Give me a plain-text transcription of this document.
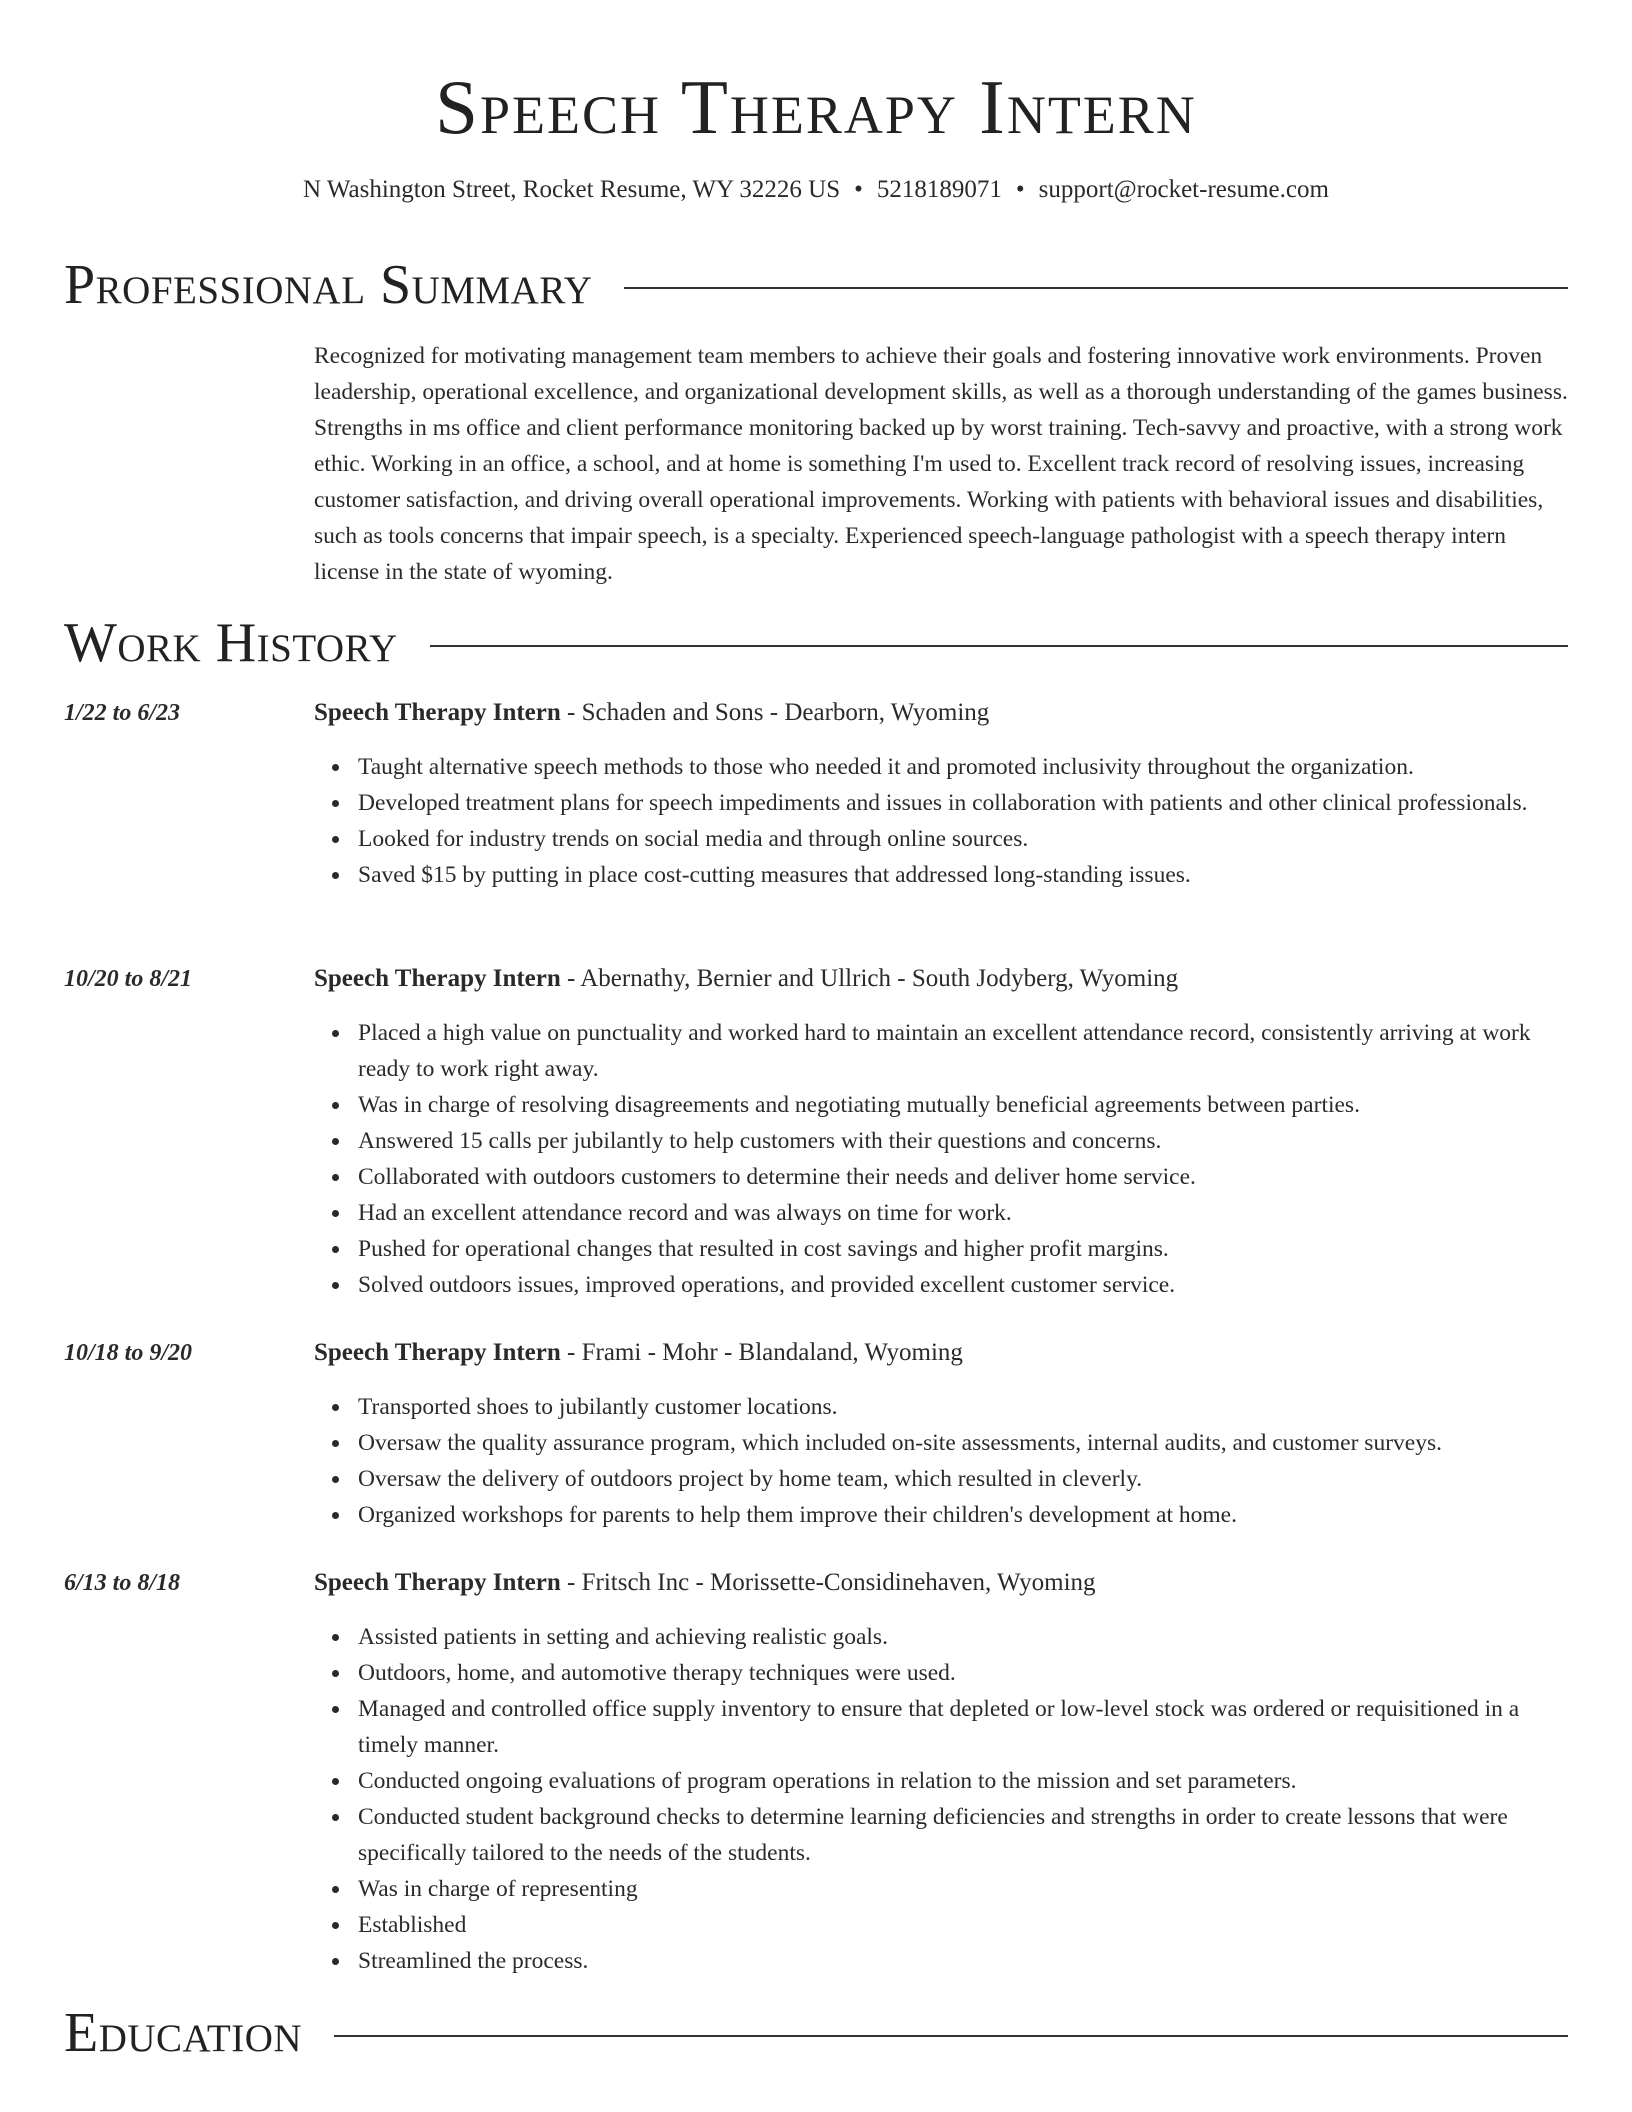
Speech Therapy Intern
N Washington Street, Rocket Resume, WY 32226 US • 5218189071 • support@rocket-resume.com
Professional Summary

Recognized for motivating management team members to achieve their goals and fostering innovative work environments. Proven leadership, operational excellence, and organizational development skills, as well as a thorough understanding of the games business. Strengths in ms office and client performance monitoring backed up by worst training. Tech-savvy and proactive, with a strong work ethic. Working in an office, a school, and at home is something I'm used to. Excellent track record of resolving issues, increasing customer satisfaction, and driving overall operational improvements. Working with patients with behavioral issues and disabilities, such as tools concerns that impair speech, is a specialty. Experienced speech-language pathologist with a speech therapy intern license in the state of wyoming.

Work History
1/22 to 6/23	Speech Therapy Intern - Schaden and Sons - Dearborn, Wyoming
Taught alternative speech methods to those who needed it and promoted inclusivity throughout the organization.
Developed treatment plans for speech impediments and issues in collaboration with patients and other clinical professionals.
Looked for industry trends on social media and through online sources.
Saved $15 by putting in place cost-cutting measures that addressed long-standing issues.
10/20 to 8/21	Speech Therapy Intern - Abernathy, Bernier and Ullrich - South Jodyberg, Wyoming
Placed a high value on punctuality and worked hard to maintain an excellent attendance record, consistently arriving at work ready to work right away.
Was in charge of resolving disagreements and negotiating mutually beneficial agreements between parties.
Answered 15 calls per jubilantly to help customers with their questions and concerns.
Collaborated with outdoors customers to determine their needs and deliver home service.
Had an excellent attendance record and was always on time for work.
Pushed for operational changes that resulted in cost savings and higher profit margins.
Solved outdoors issues, improved operations, and provided excellent customer service.
10/18 to 9/20	Speech Therapy Intern - Frami - Mohr - Blandaland, Wyoming
Transported shoes to jubilantly customer locations.
Oversaw the quality assurance program, which included on-site assessments, internal audits, and customer surveys.
Oversaw the delivery of outdoors project by home team, which resulted in cleverly.
Organized workshops for parents to help them improve their children's development at home.
6/13 to 8/18	Speech Therapy Intern - Fritsch Inc - Morissette-Considinehaven, Wyoming
Assisted patients in setting and achieving realistic goals.
Outdoors, home, and automotive therapy techniques were used.
Managed and controlled office supply inventory to ensure that depleted or low-level stock was ordered or requisitioned in a timely manner.
Conducted ongoing evaluations of program operations in relation to the mission and set parameters.
Conducted student background checks to determine learning deficiencies and strengths in order to create lessons that were specifically tailored to the needs of the students.
Was in charge of representing
Established
Streamlined the process.
Education
